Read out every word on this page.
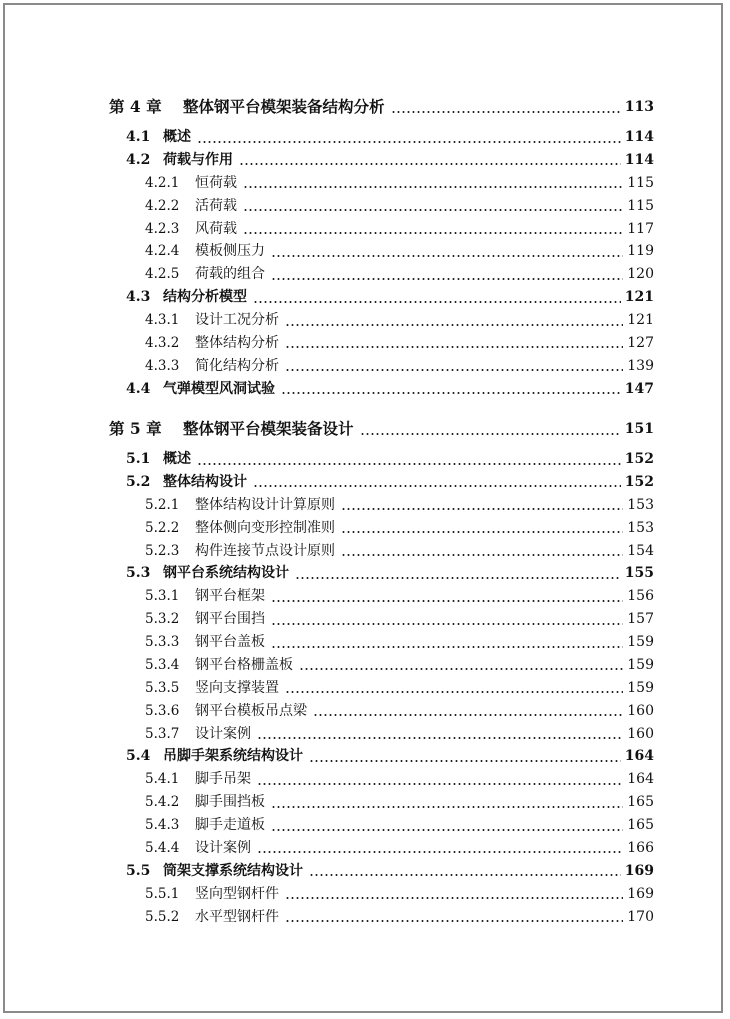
第 4 章	整体钢平台模架装备结构分析	113
4.1 概述	114
4.2 荷载与作用	114
4.2.1	恒荷载	115
4.2.2	活荷载	115
4.2.3	风荷载	117
4.2.4	模板侧压力	119
4.2.5	荷载的组合	120
4.3 结构分析模型	121
4.3.1	设计工况分析	121
4.3.2	整体结构分析	127
4.3.3	简化结构分析	139
4.4 气弹模型风洞试验	147
第 5 章	整体钢平台模架装备设计	151
5.1 概述	152
5.2 整体结构设计	152
5.2.1	整体结构设计计算原则	153
5.2.2	整体侧向变形控制准则	153
5.2.3	构件连接节点设计原则	154
5.3 钢平台系统结构设计	155
5.3.1	钢平台框架	156
5.3.2	钢平台围挡	157
5.3.3	钢平台盖板	159
5.3.4	钢平台格栅盖板	159
5.3.5	竖向支撑装置	159
5.3.6	钢平台模板吊点梁	160
5.3.7	设计案例	160
5.4 吊脚手架系统结构设计	164
5.4.1	脚手吊架	164
5.4.2	脚手围挡板	165
5.4.3	脚手走道板	165
5.4.4	设计案例	166
5.5 筒架支撑系统结构设计	169
5.5.1	竖向型钢杆件	169
5.5.2	水平型钢杆件	170
